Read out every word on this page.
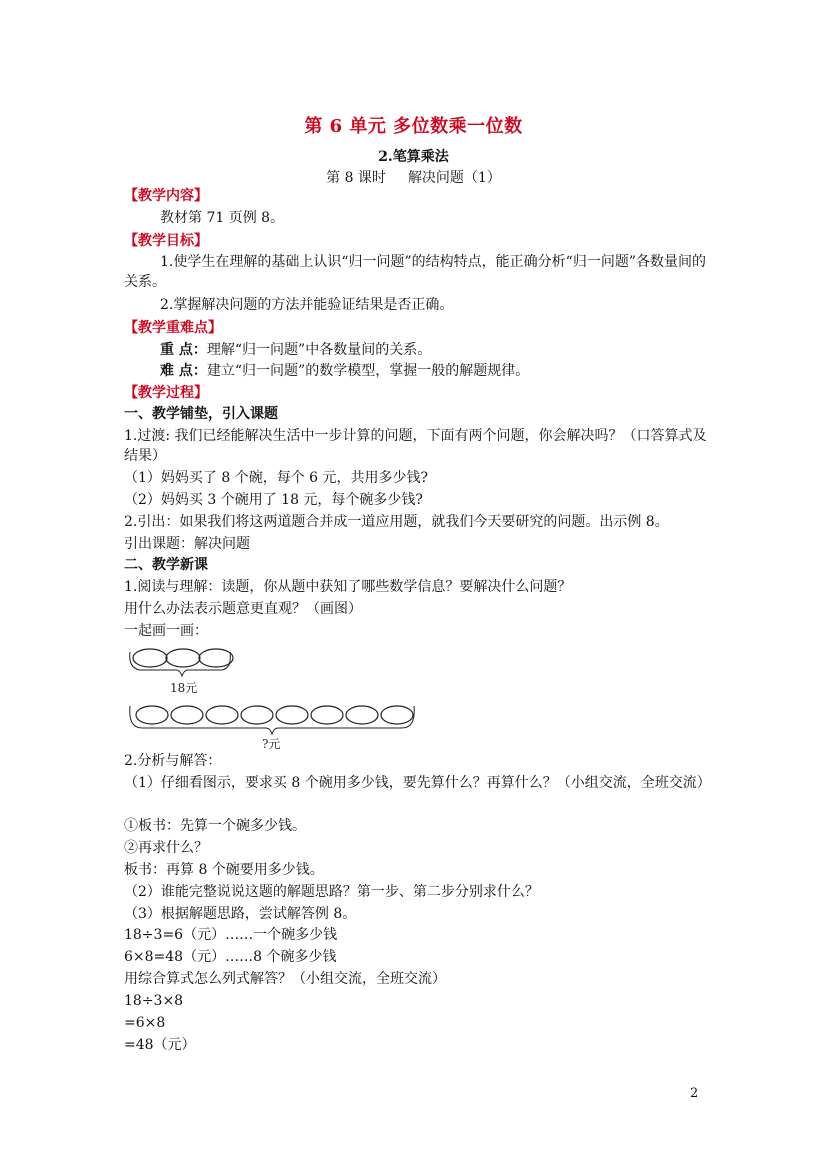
第 6 单元 多位数乘一位数
2.笔算乘法
第 8 课时 解决问题（1）
【教学内容】
教材第 71 页例 8。
【教学目标】
1.使学生在理解的基础上认识“归一问题”的结构特点，能正确分析“归一问题”各数量间的关系。
2.掌握解决问题的方法并能验证结果是否正确。
【教学重难点】
重 点：理解“归一问题”中各数量间的关系。
难 点：建立“归一问题”的数学模型，掌握一般的解题规律。
【教学过程】
一、教学铺垫，引入课题
1.过渡: 我们已经能解决生活中一步计算的问题，下面有两个问题，你会解决吗？（口答算式及结果）
（1）妈妈买了 8 个碗，每个 6 元，共用多少钱?
（2）妈妈买 3 个碗用了 18 元，每个碗多少钱?
2.引出：如果我们将这两道题合并成一道应用题，就我们今天要研究的问题。出示例 8。
引出课题：解决问题
二、教学新课
1.阅读与理解：读题，你从题中获知了哪些数学信息？要解决什么问题？
用什么办法表示题意更直观？（画图）
一起画一画：
18元
?元
2.分析与解答：
（1）仔细看图示，要求买 8 个碗用多少钱，要先算什么？再算什么？（小组交流，全班交流）
①板书：先算一个碗多少钱。
②再求什么？
板书：再算 8 个碗要用多少钱。
（2）谁能完整说说这题的解题思路？第一步、第二步分别求什么？
（3）根据解题思路，尝试解答例 8。
18÷3=6（元）……一个碗多少钱
6×8=48（元）……8 个碗多少钱
用综合算式怎么列式解答？（小组交流，全班交流）
18÷3×8
=6×8
=48（元）
2
